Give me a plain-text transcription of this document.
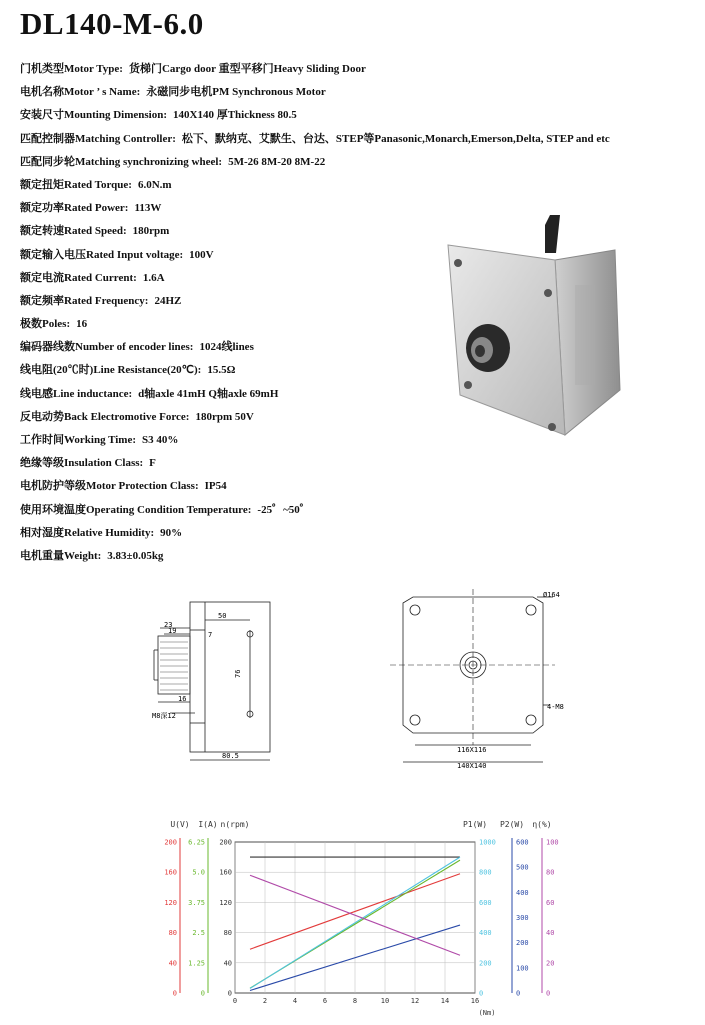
DL140-M-6.0
门机类型Motor Type: 货梯门Cargo door 重型平移门Heavy Sliding Door
电机名称Motor ’ s Name: 永磁同步电机PM Synchronous Motor
安装尺寸Mounting Dimension: 140X140 厚Thickness 80.5
匹配控制器Matching Controller: 松下、默纳克、艾默生、台达、STEP等Panasonic,Monarch,Emerson,Delta, STEP and etc
匹配同步轮Matching synchronizing wheel: 5M-26 8M-20 8M-22
额定扭矩Rated Torque: 6.0N.m
额定功率Rated Power: 113W
额定转速Rated Speed: 180rpm
额定输入电压Rated Input voltage: 100V
额定电流Rated Current: 1.6A
额定频率Rated Frequency: 24HZ
极数Poles: 16
编码器线数Number of encoder lines: 1024线lines
线电阻(20℃时)Line Resistance(20℃): 15.5Ω
线电感Line inductance: d轴axle 41mH Q轴axle 69mH
反电动势Back Electromotive Force: 180rpm 50V
工作时间Working Time: S3 40%
绝缘等级Insulation Class: F
电机防护等级Motor Protection Class: IP54
使用环境温度Operating Condition Temperature: -25゜~50゜
相对湿度Relative Humidity: 90%
电机重量Weight: 3.83±0.05kg
50
23
19	7
76
16
M8深12
80.5
Ø164
4-M8
116X116
140X140
0	2	4	6	8	10	12	14	16
(Nm)
0
40
80
120
160
200
U(V)
0
1.25
2.5
3.75
5.0
6.25
I(A)
0
40
80
120
160
200
n(rpm)
0
200
400
600
800
1000
P1(W)
0
100
200
300
400
500
600
P2(W)
0
20
40
60
80
100
η(%)
